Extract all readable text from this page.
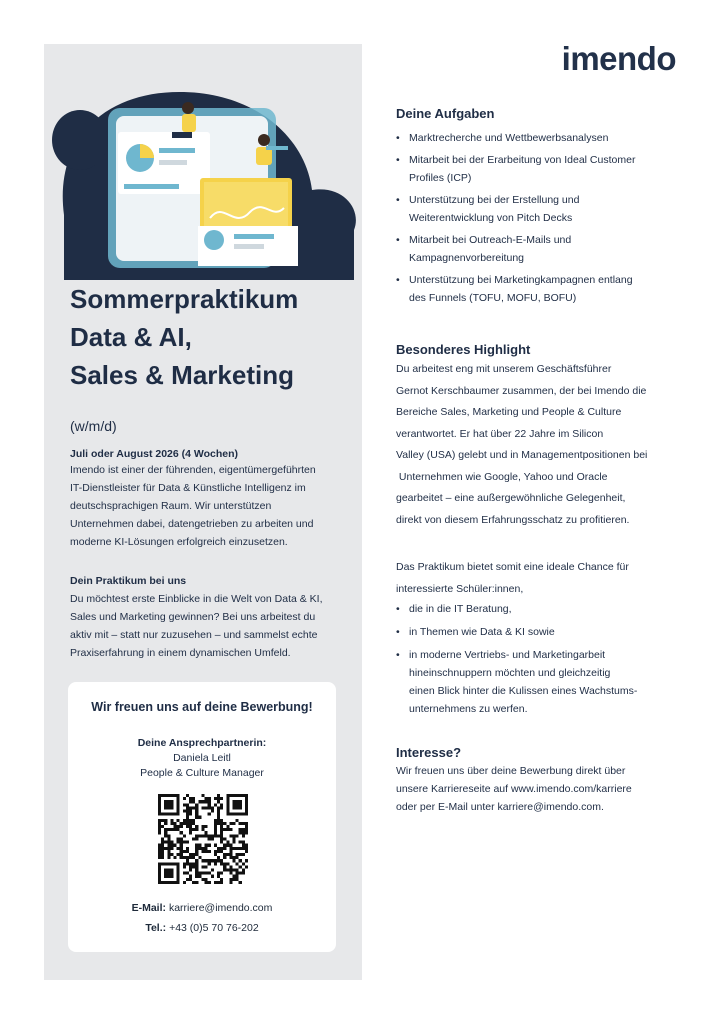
imendo
Sommerpraktikum
Data & AI,
Sales & Marketing
(w/m/d)
Juli oder August 2026 (4 Wochen)
Imendo ist einer der führenden, eigentümergeführten
IT-Dienstleister für Data & Künstliche Intelligenz im
deutschsprachigen Raum. Wir unterstützen
Unternehmen dabei, datengetrieben zu arbeiten und
moderne KI-Lösungen erfolgreich einzusetzen.
Dein Praktikum bei uns
Du möchtest erste Einblicke in die Welt von Data & KI,
Sales und Marketing gewinnen? Bei uns arbeitest du
aktiv mit – statt nur zuzusehen – und sammelst echte
Praxiserfahrung in einem dynamischen Umfeld.
Wir freuen uns auf deine Bewerbung!
Deine Ansprechpartnerin:
Daniela Leitl
People & Culture Manager
E-Mail: karriere@imendo.com
Tel.: +43 (0)5 70 76-202
Deine Aufgaben
• Marktrecherche und Wettbewerbsanalysen
• Mitarbeit bei der Erarbeitung von Ideal Customer
Profiles (ICP)
• Unterstützung bei der Erstellung und
Weiterentwicklung von Pitch Decks
• Mitarbeit bei Outreach-E-Mails und
Kampagnenvorbereitung
• Unterstützung bei Marketingkampagnen entlang
des Funnels (TOFU, MOFU, BOFU)
Besonderes Highlight
Du arbeitest eng mit unserem Geschäftsführer
Gernot Kerschbaumer zusammen, der bei Imendo die
Bereiche Sales, Marketing und People & Culture
verantwortet. Er hat über 22 Jahre im Silicon
Valley (USA) gelebt und in Managementpositionen bei
Unternehmen wie Google, Yahoo und Oracle
gearbeitet – eine außergewöhnliche Gelegenheit,
direkt von diesem Erfahrungsschatz zu profitieren.
Das Praktikum bietet somit eine ideale Chance für
interessierte Schüler:innen,
• die in die IT Beratung,
• in Themen wie Data & KI sowie
• in moderne Vertriebs- und Marketingarbeit
hineinschnuppern möchten und gleichzeitig
einen Blick hinter die Kulissen eines Wachstums-
unternehmens zu werfen.
Interesse?
Wir freuen uns über deine Bewerbung direkt über
unsere Karriereseite auf www.imendo.com/karriere
oder per E-Mail unter karriere@imendo.com.
